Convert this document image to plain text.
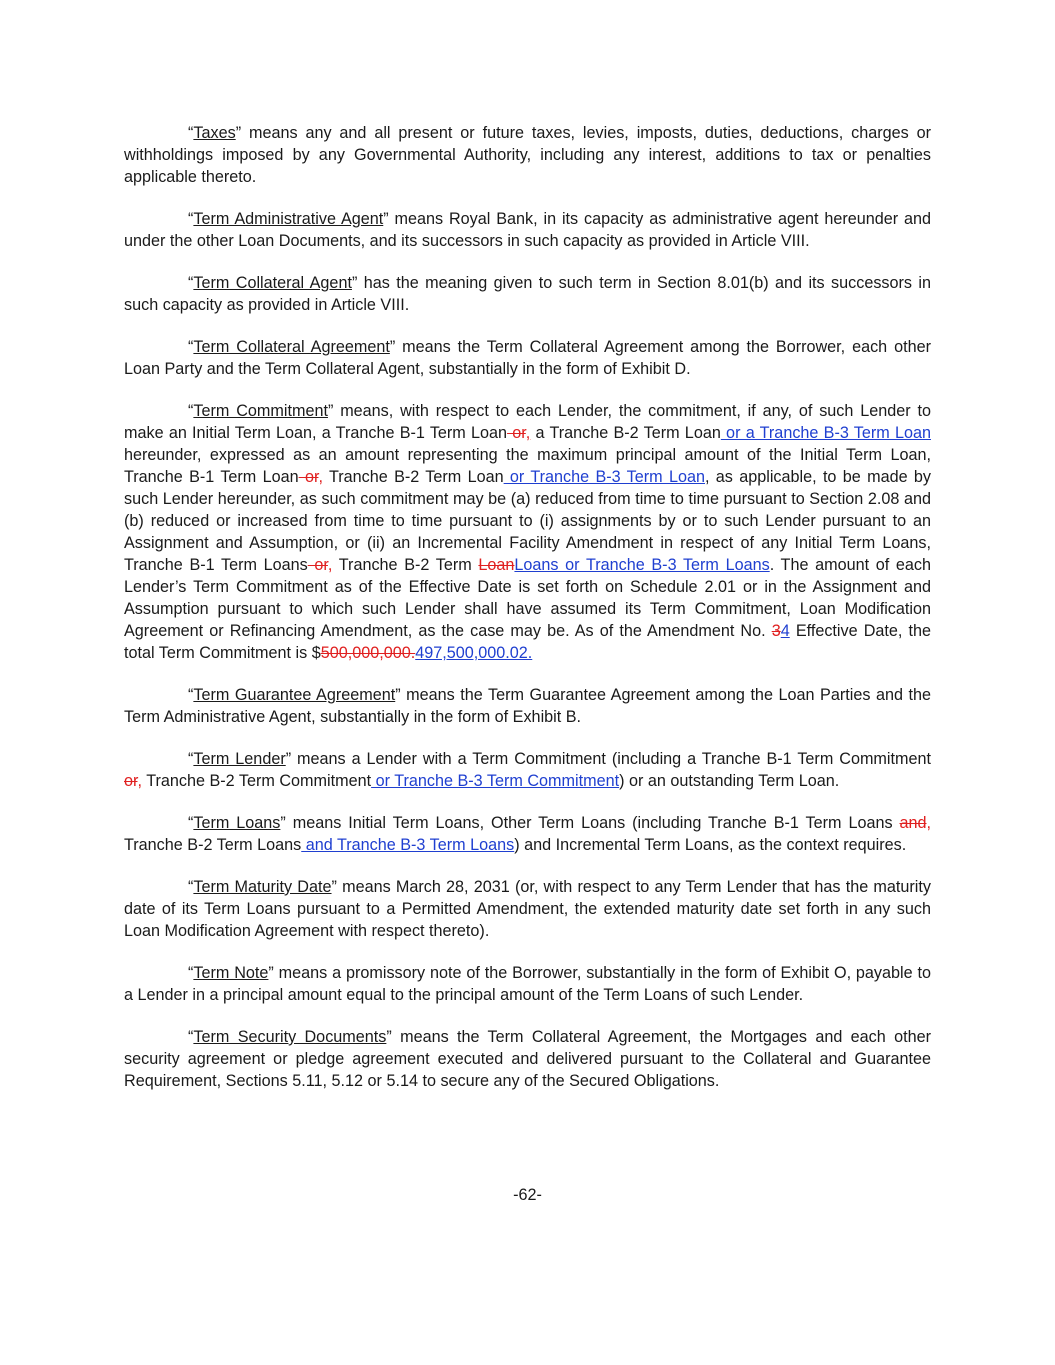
“Taxes” means any and all present or future taxes, levies, imposts, duties, deductions, charges or withholdings imposed by any Governmental Authority, including any interest, additions to tax or penalties applicable thereto.

“Term Administrative Agent” means Royal Bank, in its capacity as administrative agent hereunder and under the other Loan Documents, and its successors in such capacity as provided in Article VIII.

“Term Collateral Agent” has the meaning given to such term in Section 8.01(b) and its successors in such capacity as provided in Article VIII.

“Term Collateral Agreement” means the Term Collateral Agreement among the Borrower, each other Loan Party and the Term Collateral Agent, substantially in the form of Exhibit D.

“Term Commitment” means, with respect to each Lender, the commitment, if any, of such Lender to make an Initial Term Loan, a Tranche B-1 Term Loan or, a Tranche B-2 Term Loan or a Tranche B-3 Term Loan hereunder, expressed as an amount representing the maximum principal amount of the Initial Term Loan, Tranche B-1 Term Loan or, Tranche B-2 Term Loan or Tranche B-3 Term Loan, as applicable, to be made by such Lender hereunder, as such commitment may be (a) reduced from time to time pursuant to Section 2.08 and (b) reduced or increased from time to time pursuant to (i) assignments by or to such Lender pursuant to an Assignment and Assumption, or (ii) an Incremental Facility Amendment in respect of any Initial Term Loans, Tranche B-1 Term Loans or, Tranche B-2 Term LoanLoans or Tranche B-3 Term Loans. The amount of each Lender’s Term Commitment as of the Effective Date is set forth on Schedule 2.01 or in the Assignment and Assumption pursuant to which such Lender shall have assumed its Term Commitment, Loan Modification Agreement or Refinancing Amendment, as the case may be. As of the Amendment No. 34 Effective Date, the total Term Commitment is $500,000,000.497,500,000.02.

“Term Guarantee Agreement” means the Term Guarantee Agreement among the Loan Parties and the Term Administrative Agent, substantially in the form of Exhibit B.

“Term Lender” means a Lender with a Term Commitment (including a Tranche B-1 Term Commitment or, Tranche B-2 Term Commitment or Tranche B-3 Term Commitment) or an outstanding Term Loan.

“Term Loans” means Initial Term Loans, Other Term Loans (including Tranche B-1 Term Loans and, Tranche B-2 Term Loans and Tranche B-3 Term Loans) and Incremental Term Loans, as the context requires.

“Term Maturity Date” means March 28, 2031 (or, with respect to any Term Lender that has the maturity date of its Term Loans pursuant to a Permitted Amendment, the extended maturity date set forth in any such Loan Modification Agreement with respect thereto).

“Term Note” means a promissory note of the Borrower, substantially in the form of Exhibit O, payable to a Lender in a principal amount equal to the principal amount of the Term Loans of such Lender.

“Term Security Documents” means the Term Collateral Agreement, the Mortgages and each other security agreement or pledge agreement executed and delivered pursuant to the Collateral and Guarantee Requirement, Sections 5.11, 5.12 or 5.14 to secure any of the Secured Obligations.

-62-
